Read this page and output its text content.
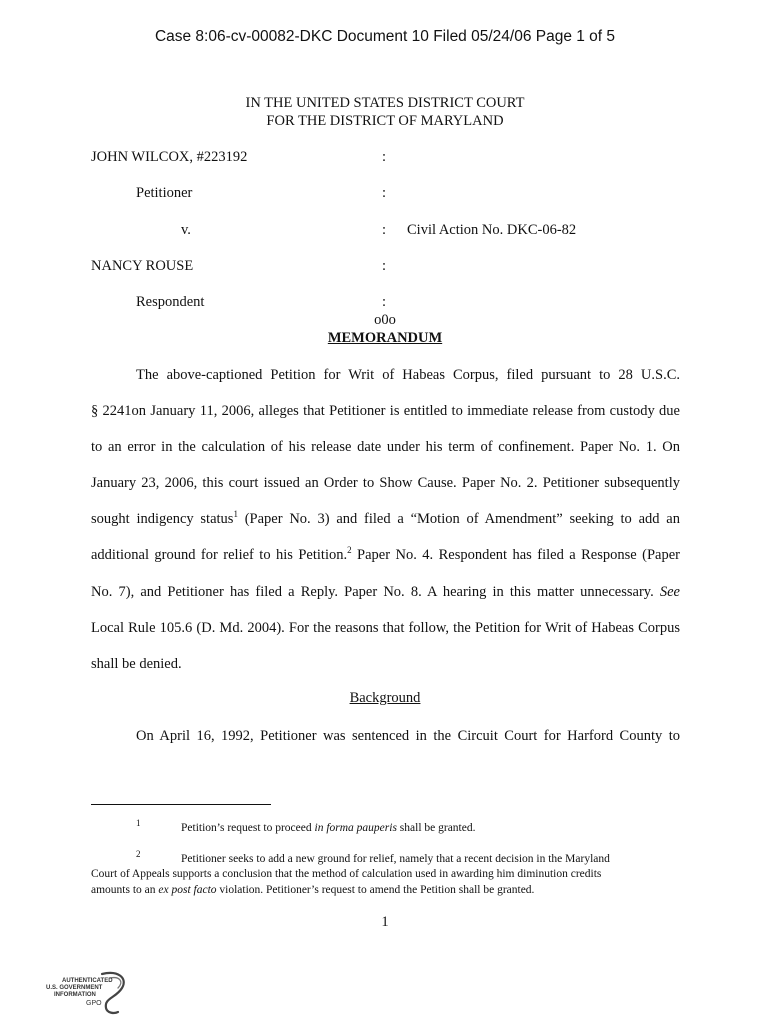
Case 8:06-cv-00082-DKC Document 10 Filed 05/24/06 Page 1 of 5
IN THE UNITED STATES DISTRICT COURT
FOR THE DISTRICT OF MARYLAND
JOHN WILCOX, #223192	:
Petitioner	:
v.	: Civil Action No. DKC-06-82
NANCY ROUSE	:
Respondent	:
o0o
MEMORANDUM
The above-captioned Petition for Writ of Habeas Corpus, filed pursuant to 28 U.S.C.
§ 2241on January 11, 2006, alleges that Petitioner is entitled to immediate release from custody due
to an error in the calculation of his release date under his term of confinement. Paper No. 1. On
January 23, 2006, this court issued an Order to Show Cause. Paper No. 2. Petitioner subsequently
sought indigency status$^1$ (Paper No. 3) and filed a “Motion of Amendment” seeking to add an
additional ground for relief to his Petition.$^2$ Paper No. 4. Respondent has filed a Response (Paper
No. 7), and Petitioner has filed a Reply. Paper No. 8. A hearing in this matter unnecessary. See
Local Rule 105.6 (D. Md. 2004). For the reasons that follow, the Petition for Writ of Habeas Corpus
shall be denied.
Background
On April 16, 1992, Petitioner was sentenced in the Circuit Court for Harford County to
1	Petition’s request to proceed in forma pauperis shall be granted.
2	Petitioner seeks to add a new ground for relief, namely that a recent decision in the Maryland
Court of Appeals supports a conclusion that the method of calculation used in awarding him diminution credits
amounts to an ex post facto violation. Petitioner’s request to amend the Petition shall be granted.
1
AUTHENTICATED
U.S. GOVERNMENT
INFORMATION
GPO
